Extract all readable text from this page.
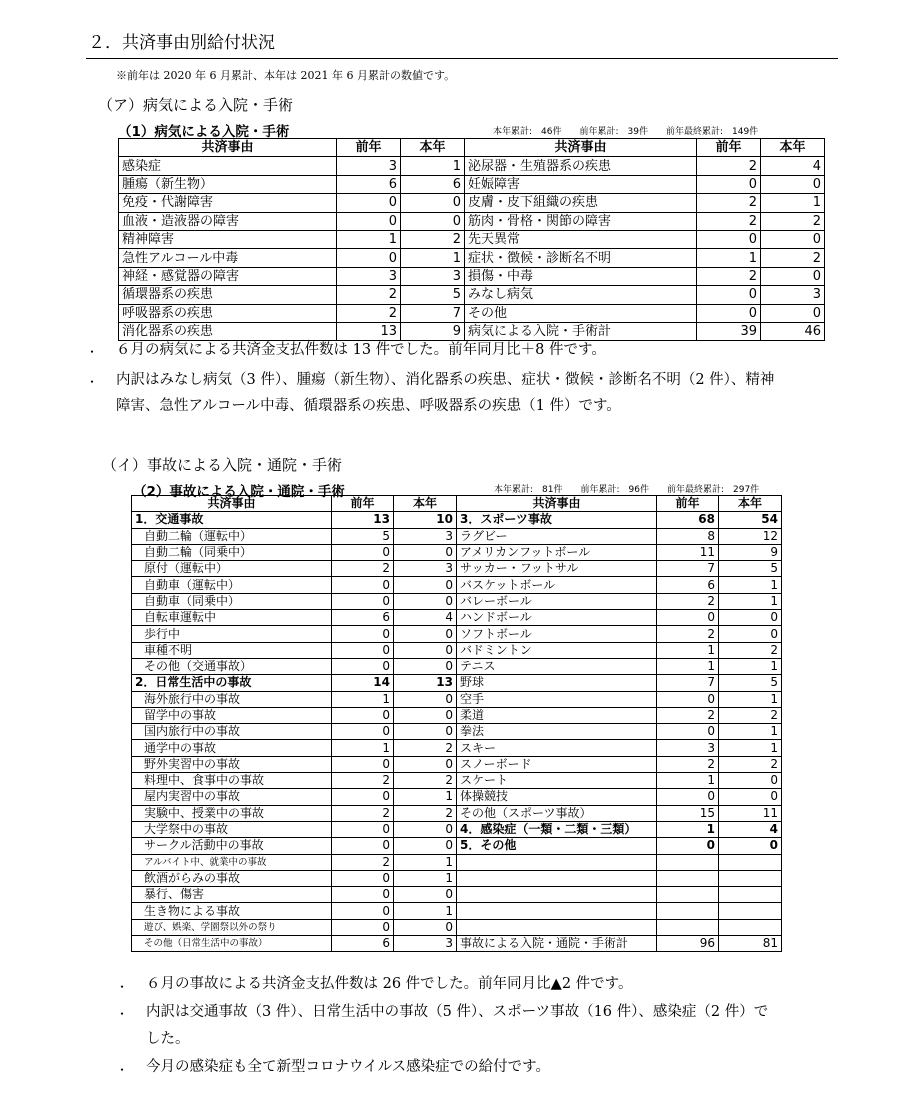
２．共済事由別給付状況
※前年は 2020 年 6 月累計、本年は 2021 年 6 月累計の数値です。
（ア）病気による入院・手術
（1）病気による入院・手術	本年累計:　46件　　前年累計:　39件　　前年最終累計:　149件
共済事由	前年	本年	共済事由	前年	本年
感染症	3	1	泌尿器・生殖器系の疾患	2	4
腫瘍（新生物）	6	6	妊娠障害	0	0
免疫・代謝障害	0	0	皮膚・皮下組織の疾患	2	1
血液・造液器の障害	0	0	筋肉・骨格・関節の障害	2	2
精神障害	1	2	先天異常	0	0
急性アルコール中毒	0	1	症状・徴候・診断名不明	1	2
神経・感覚器の障害	3	3	損傷・中毒	2	0
循環器系の疾患	2	5	みなし病気	0	3
呼吸器系の疾患	2	7	その他	0	0
消化器系の疾患	13	9	病気による入院・手術計	39	46
・ ６月の病気による共済金支払件数は 13 件でした。前年同月比＋8 件です。
・ 内訳はみなし病気（3 件）、腫瘍（新生物）、消化器系の疾患、症状・徴候・診断名不明（2 件）、精神
障害、急性アルコール中毒、循環器系の疾患、呼吸器系の疾患（1 件）です。
（イ）事故による入院・通院・手術
（2）事故による入院・通院・手術	本年累計:　81件　　前年累計:　96件　　前年最終累計:　297件
共済事由	前年	本年	共済事由	前年	本年
1．交通事故	13	10	3．スポーツ事故	68	54
自動二輪（運転中）	5	3	ラグビー	8	12
自動二輪（同乗中）	0	0	アメリカンフットボール	11	9
原付（運転中）	2	3	サッカー・フットサル	7	5
自動車（運転中）	0	0	バスケットボール	6	1
自動車（同乗中）	0	0	バレーボール	2	1
自転車運転中	6	4	ハンドボール	0	0
歩行中	0	0	ソフトボール	2	0
車種不明	0	0	バドミントン	1	2
その他（交通事故）	0	0	テニス	1	1
2．日常生活中の事故	14	13	野球	7	5
海外旅行中の事故	1	0	空手	0	1
留学中の事故	0	0	柔道	2	2
国内旅行中の事故	0	0	拳法	0	1
通学中の事故	1	2	スキー	3	1
野外実習中の事故	0	0	スノーボード	2	2
料理中、食事中の事故	2	2	スケート	1	0
屋内実習中の事故	0	1	体操競技	0	0
実験中、授業中の事故	2	2	その他（スポーツ事故）	15	11
大学祭中の事故	0	0	4．感染症（一類・二類・三類）	1	4
サークル活動中の事故	0	0	5．その他	0	0
アルバイト中、就業中の事故	2	1			
飲酒がらみの事故	0	1			
暴行、傷害	0	0			
生き物による事故	0	1			
遊び、娯楽、学園祭以外の祭り	0	0			
その他（日常生活中の事故）	6	3	事故による入院・通院・手術計	96	81
・ ６月の事故による共済金支払件数は 26 件でした。前年同月比▲2 件です。
・ 内訳は交通事故（3 件）、日常生活中の事故（5 件）、スポーツ事故（16 件）、感染症（2 件）で
した。
・ 今月の感染症も全て新型コロナウイルス感染症での給付です。
